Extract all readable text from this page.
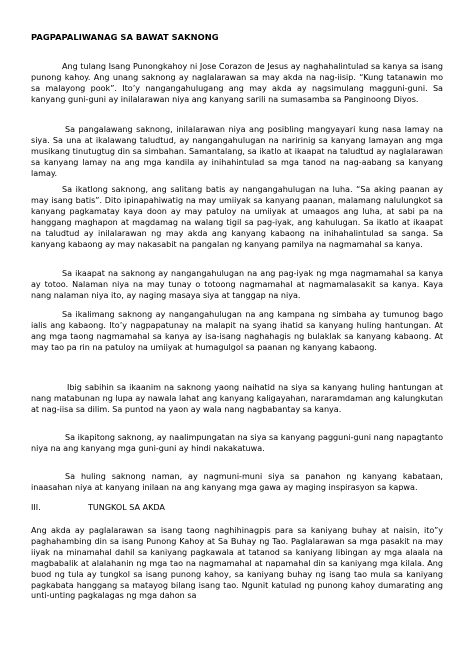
PAGPAPALIWANAG SA BAWAT SAKNONG

Ang tulang Isang Punongkahoy ni Jose Corazon de Jesus ay naghahalintulad sa kanya sa isang punong kahoy. Ang unang saknong ay naglalarawan sa may akda na nag-iisip. “Kung tatanawin mo sa malayong pook”. Ito’y nangangahulugang ang may akda ay nagsimulang magguni-guni. Sa kanyang guni-guni ay inilalarawan niya ang kanyang sarili na sumasamba sa Panginoong Diyos.

Sa pangalawang saknong, inilalarawan niya ang posibling mangyayari kung nasa lamay na siya. Sa una at ikalawang taludtud, ay nangangahulugan na naririnig sa kanyang lamayan ang mga musikang tinutugtug din sa simbahan. Samantalang, sa ikatlo at ikaapat na taludtud ay naglalarawan sa kanyang lamay na ang mga kandila ay inihahintulad sa mga tanod na nag-aabang sa kanyang lamay.

Sa ikatlong saknong, ang salitang batis ay nangangahulugan na luha. “Sa aking paanan ay may isang batis”. Dito ipinapahiwatig na may umiiyak sa kanyang paanan, malamang nalulungkot sa kanyang pagkamatay kaya doon ay may patuloy na umiiyak at umaagos ang luha, at sabi pa na hanggang maghapon at magdamag na walang tigil sa pag-iyak, ang kahulugan. Sa ikatlo at ikaapat na taludtud ay inilalarawan ng may akda ang kanyang kabaong na inihahalintulad sa sanga. Sa kanyang kabaong ay may nakasabit na pangalan ng kanyang pamilya na nagmamahal sa kanya.

Sa ikaapat na saknong ay nangangahulugan na ang pag-iyak ng mga nagmamahal sa kanya ay totoo. Nalaman niya na may tunay o totoong nagmamahal at nagmamalasakit sa kanya. Kaya nang nalaman niya ito, ay naging masaya siya at tanggap na niya.

Sa ikalimang saknong ay nangangahulugan na ang kampana ng simbaha ay tumunog bago ialis ang kabaong. Ito’y nagpapatunay na malapit na syang ihatid sa kanyang huling hantungan. At ang mga taong nagmamahal sa kanya ay isa-isang naghahagis ng bulaklak sa kanyang kabaong. At may tao pa rin na patuloy na umiiyak at humagulgol sa paanan ng kanyang kabaong.

Ibig sabihin sa ikaanim na saknong yaong naihatid na siya sa kanyang huling hantungan at nang matabunan ng lupa ay nawala lahat ang kanyang kaligayahan, nararamdaman ang kalungkutan at nag-iisa sa dilim. Sa puntod na yaon ay wala nang nagbabantay sa kanya.

Sa ikapitong saknong, ay naalimpungatan na siya sa kanyang pagguni-guni nang napagtanto niya na ang kanyang mga guni-guni ay hindi nakakatuwa.

Sa huling saknong naman, ay nagmuni-muni siya sa panahon ng kanyang kabataan, inaasahan niya at kanyang inilaan na ang kanyang mga gawa ay maging inspirasyon sa kapwa.

III.	TUNGKOL SA AKDA

Ang akda ay paglalarawan sa isang taong naghihinagpis para sa kaniyang buhay at naisin, ito”y paghahambing din sa isang Punong Kahoy at Sa Buhay ng Tao. Paglalarawan sa mga pasakit na may iiyak na minamahal dahil sa kaniyang pagkawala at tatanod sa kaniyang libingan ay mga alaala na magbabalik at alalahanin ng mga tao na nagmamahal at napamahal din sa kaniyang mga kilala. Ang buod ng tula ay tungkol sa isang punong kahoy, sa kaniyang buhay ng isang tao mula sa kaniyang pagkabata hanggang sa matayog bilang isang tao. Ngunit katulad ng punong kahoy dumarating ang unti-unting pagkalagas ng mga dahon sa
